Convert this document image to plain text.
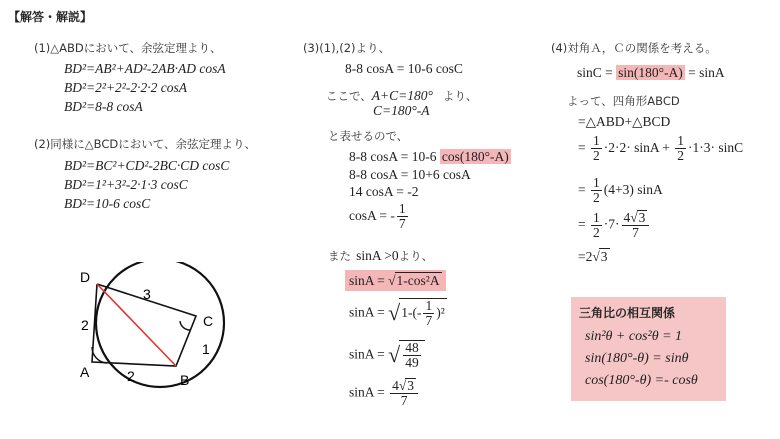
【解答・解説】
(1)△ABDにおいて、余弦定理より、
BD²=AB²+AD²-2AB·AD cosA
BD²=2²+2²-2·2·2 cosA
BD²=8-8 cosA
(2)同様に△BCDにおいて、余弦定理より、
BD²=BC²+CD²-2BC·CD cosC
BD²=1²+3²-2·1·3 cosC
BD²=10-6 cosC
D
A	B
C
3
2
2
1
(3)(1),(2)より、
8-8 cosA = 10-6 cosC
ここで、A+C=180° より、
C=180°-A
と表せるので、
8-8 cosA = 10-6 cos(180°-A)
8-8 cosA = 10+6 cosA
14 cosA = -2
cosA = - $\frac{1}{7}$
また sinA >0より、
sinA = √1-cos²A
$\sin A = √1-(- \frac{1}{7} )^2$
sinA = √ $\frac{48}{49}$
$\sin A = \frac{4√3}{7}$
(4)対角Ａ，Ｃの関係を考える。
sinC = sin(180°-A) = sinA
よって、四角形ABCD
=△ABD+△BCD
= $\frac{1}{2} \cdot 2\cdot 2\cdot \sin A + \frac{1}{2} \cdot 1\cdot 3\cdot \sin C$
= $\frac{1}{2} (4+3)$ sinA
= $\frac{1}{2} \cdot 7\cdot \frac{4√3}{7}$
=2√3
三角比の相互関係
sin²θ + cos²θ = 1
sin(180°-θ) = sinθ
cos(180°-θ) =- cosθ
